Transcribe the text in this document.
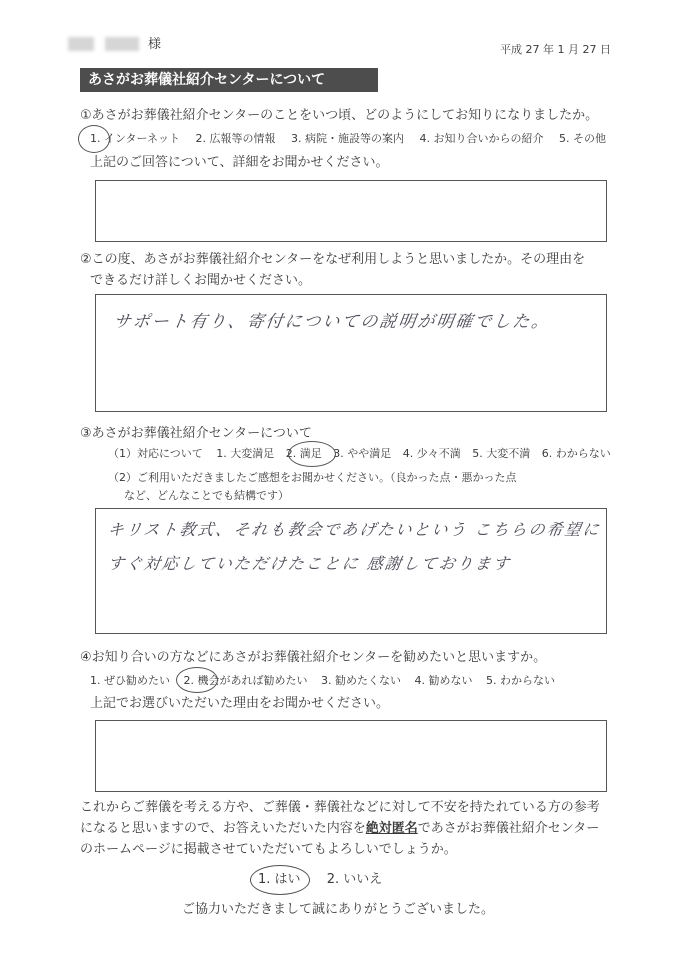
様	平成 27 年 1 月 27 日
あさがお葬儀社紹介センターについて
①あさがお葬儀社紹介センターのことをいつ頃、どのようにしてお知りになりましたか。
1. インターネット 2. 広報等の情報 3. 病院・施設等の案内 4. お知り合いからの紹介 5. その他
上記のご回答について、詳細をお聞かせください。
②この度、あさがお葬儀社紹介センターをなぜ利用しようと思いましたか。その理由を
できるだけ詳しくお聞かせください。
サポート有り、寄付についての説明が明確でした。
③あさがお葬儀社紹介センターについて
（1）対応について 1. 大変満足 2. 満足 3. やや満足 4. 少々不満 5. 大変不満 6. わからない
（2）ご利用いただきましたご感想をお聞かせください。（良かった点・悪かった点
など、どんなことでも結構です）
キリスト教式、それも教会であげたいという こちらの希望に
すぐ対応していただけたことに 感謝しております
④お知り合いの方などにあさがお葬儀社紹介センターを勧めたいと思いますか。
1. ぜひ勧めたい 2. 機会があれば勧めたい 3. 勧めたくない 4. 勧めない 5. わからない
上記でお選びいただいた理由をお聞かせください。
これからご葬儀を考える方や、ご葬儀・葬儀社などに対して不安を持たれている方の参考
になると思いますので、お答えいただいた内容を絶対匿名であさがお葬儀社紹介センター
のホームページに掲載させていただいてもよろしいでしょうか。
1. はい 2. いいえ
ご協力いただきまして誠にありがとうございました。
